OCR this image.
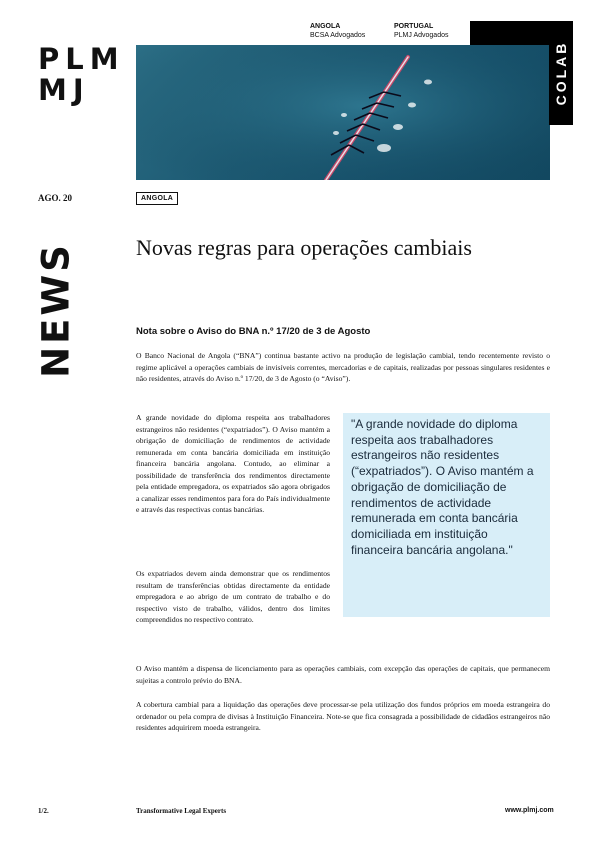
PLM
MJ
ANGOLA
BCSA Advogados
PORTUGAL
PLMJ Advogados
COLAB
AGO. 20	ANGOLA
NEWS	Novas regras para operações cambiais
Nota sobre o Aviso do BNA n.º 17/20 de 3 de Agosto
O Banco Nacional de Angola (“BNA”) continua bastante activo na produção de legislação cambial, tendo recentemente revisto o regime aplicável a operações cambiais de invisíveis correntes, mercadorias e de capitais, realizadas por pessoas singulares residentes e não residentes, através do Aviso n.º 17/20, de 3 de Agosto (o “Aviso”).
A grande novidade do diploma respeita aos trabalhadores estrangeiros não residentes (“expatriados”). O Aviso mantém a obrigação de domiciliação de rendimentos de actividade remunerada em conta bancária domiciliada em instituição financeira bancária angolana. Contudo, ao eliminar a possibilidade de transferência dos rendimentos directamente pela entidade empregadora, os expatriados são agora obrigados a canalizar esses rendimentos para fora do País individualmente e através das respectivas contas bancárias.
Os expatriados devem ainda demonstrar que os rendimentos resultam de transferências obtidas directamente da entidade empregadora e ao abrigo de um contrato de trabalho e do respectivo visto de trabalho, válidos, dentro dos limites compreendidos no respectivo contrato.

"A grande novidade do diploma respeita aos trabalhadores estrangeiros não residentes (“expatriados”). O Aviso mantém a obrigação de domiciliação de rendimentos de actividade remunerada em conta bancária domiciliada em instituição financeira bancária angolana."

O Aviso mantém a dispensa de licenciamento para as operações cambiais, com excepção das operações de capitais, que permanecem sujeitas a controlo prévio do BNA.
A cobertura cambial para a liquidação das operações deve processar-se pela utilização dos fundos próprios em moeda estrangeira do ordenador ou pela compra de divisas à Instituição Financeira. Note-se que fica consagrada a possibilidade de cidadãos estrangeiros não residentes adquirirem moeda estrangeira.
1/2.	Transformative Legal Experts	www.plmj.com
